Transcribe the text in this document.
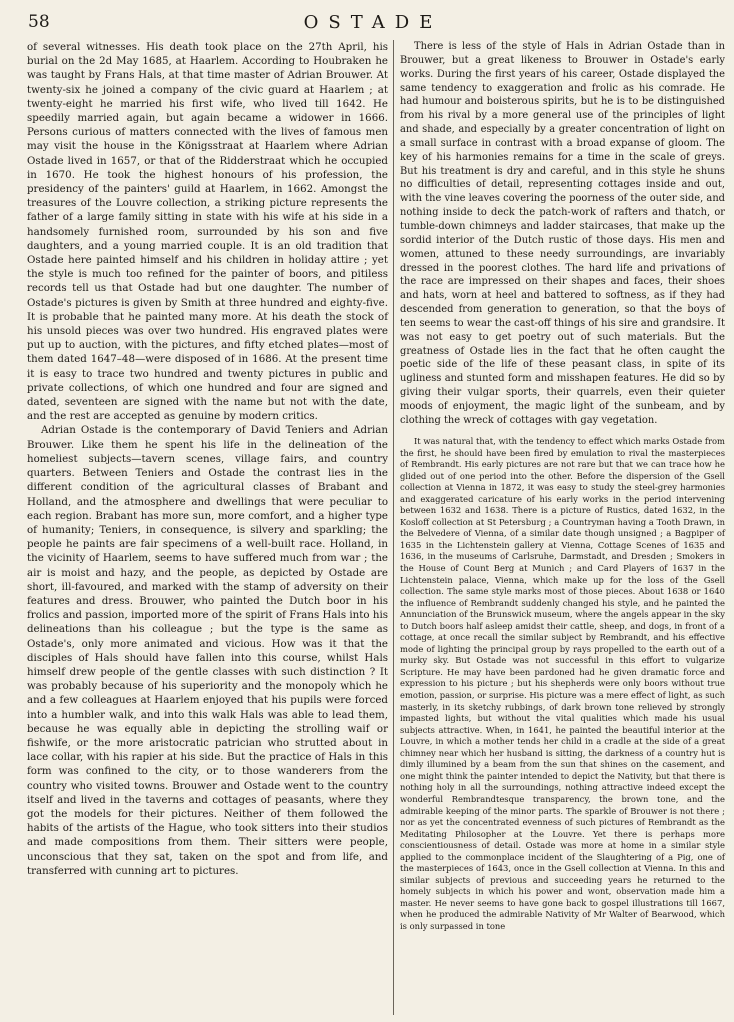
58	OSTADE

of several witnesses. His death took place on the 27th April, his burial on the 2d May 1685, at Haarlem. According to Houbraken he was taught by Frans Hals, at that time master of Adrian Brouwer. At twenty-six he joined a company of the civic guard at Haarlem ; at twenty-eight he married his first wife, who lived till 1642. He speedily married again, but again became a widower in 1666. Persons curious of matters connected with the lives of famous men may visit the house in the Königsstraat at Haarlem where Adrian Ostade lived in 1657, or that of the Ridderstraat which he occupied in 1670. He took the highest honours of his profession, the presidency of the painters' guild at Haarlem, in 1662. Amongst the treasures of the Louvre collection, a striking picture represents the father of a large family sitting in state with his wife at his side in a handsomely furnished room, surrounded by his son and five daughters, and a young married couple. It is an old tradition that Ostade here painted himself and his children in holiday attire ; yet the style is much too refined for the painter of boors, and pitiless records tell us that Ostade had but one daughter. The number of Ostade's pictures is given by Smith at three hundred and eighty-five. It is probable that he painted many more. At his death the stock of his unsold pieces was over two hundred. His engraved plates were put up to auction, with the pictures, and fifty etched plates—most of them dated 1647–48—were disposed of in 1686. At the present time it is easy to trace two hundred and twenty pictures in public and private collections, of which one hundred and four are signed and dated, seventeen are signed with the name but not with the date, and the rest are accepted as genuine by modern critics.

Adrian Ostade is the contemporary of David Teniers and Adrian Brouwer. Like them he spent his life in the delineation of the homeliest subjects—tavern scenes, village fairs, and country quarters. Between Teniers and Ostade the contrast lies in the different condition of the agricultural classes of Brabant and Holland, and the atmosphere and dwellings that were peculiar to each region. Brabant has more sun, more comfort, and a higher type of humanity; Teniers, in consequence, is silvery and sparkling; the people he paints are fair specimens of a well-built race. Holland, in the vicinity of Haarlem, seems to have suffered much from war ; the air is moist and hazy, and the people, as depicted by Ostade are short, ill-favoured, and marked with the stamp of adversity on their features and dress. Brouwer, who painted the Dutch boor in his frolics and passion, imported more of the spirit of Frans Hals into his delineations than his colleague ; but the type is the same as Ostade's, only more animated and vicious. How was it that the disciples of Hals should have fallen into this course, whilst Hals himself drew people of the gentle classes with such distinction ? It was probably because of his superiority and the monopoly which he and a few colleagues at Haarlem enjoyed that his pupils were forced into a humbler walk, and into this walk Hals was able to lead them, because he was equally able in depicting the strolling waif or fishwife, or the more aristocratic patrician who strutted about in lace collar, with his rapier at his side. But the practice of Hals in this form was confined to the city, or to those wanderers from the country who visited towns. Brouwer and Ostade went to the country itself and lived in the taverns and cottages of peasants, where they got the models for their pictures. Neither of them followed the habits of the artists of the Hague, who took sitters into their studios and made compositions from them. Their sitters were people, unconscious that they sat, taken on the spot and from life, and transferred with cunning art to pictures.

There is less of the style of Hals in Adrian Ostade than in Brouwer, but a great likeness to Brouwer in Ostade's early works. During the first years of his career, Ostade displayed the same tendency to exaggeration and frolic as his comrade. He had humour and boisterous spirits, but he is to be distinguished from his rival by a more general use of the principles of light and shade, and especially by a greater concentration of light on a small surface in contrast with a broad expanse of gloom. The key of his harmonies remains for a time in the scale of greys. But his treatment is dry and careful, and in this style he shuns no difficulties of detail, representing cottages inside and out, with the vine leaves covering the poorness of the outer side, and nothing inside to deck the patch-work of rafters and thatch, or tumble-down chimneys and ladder staircases, that make up the sordid interior of the Dutch rustic of those days. His men and women, attuned to these needy surroundings, are invariably dressed in the poorest clothes. The hard life and privations of the race are impressed on their shapes and faces, their shoes and hats, worn at heel and battered to softness, as if they had descended from generation to generation, so that the boys of ten seems to wear the cast-off things of his sire and grandsire. It was not easy to get poetry out of such materials. But the greatness of Ostade lies in the fact that he often caught the poetic side of the life of these peasant class, in spite of its ugliness and stunted form and misshapen features. He did so by giving their vulgar sports, their quarrels, even their quieter moods of enjoyment, the magic light of the sunbeam, and by clothing the wreck of cottages with gay vegetation.

It was natural that, with the tendency to effect which marks Ostade from the first, he should have been fired by emulation to rival the masterpieces of Rembrandt. His early pictures are not rare but that we can trace how he glided out of one period into the other. Before the dispersion of the Gsell collection at Vienna in 1872, it was easy to study the steel-grey harmonies and exaggerated caricature of his early works in the period intervening between 1632 and 1638. There is a picture of Rustics, dated 1632, in the Kosloff collection at St Petersburg ; a Countryman having a Tooth Drawn, in the Belvedere of Vienna, of a similar date though unsigned ; a Bagpiper of 1635 in the Lichtenstein gallery at Vienna, Cottage Scenes of 1635 and 1636, in the museums of Carlsruhe, Darmstadt, and Dresden ; Smokers in the House of Count Berg at Munich ; and Card Players of 1637 in the Lichtenstein palace, Vienna, which make up for the loss of the Gsell collection. The same style marks most of those pieces. About 1638 or 1640 the influence of Rembrandt suddenly changed his style, and he painted the Annunciation of the Brunswick museum, where the angels appear in the sky to Dutch boors half asleep amidst their cattle, sheep, and dogs, in front of a cottage, at once recall the similar subject by Rembrandt, and his effective mode of lighting the principal group by rays propelled to the earth out of a murky sky. But Ostade was not successful in this effort to vulgarize Scripture. He may have been pardoned had he given dramatic force and expression to his picture ; but his shepherds were only boors without true emotion, passion, or surprise. His picture was a mere effect of light, as such masterly, in its sketchy rubbings, of dark brown tone relieved by strongly impasted lights, but without the vital qualities which made his usual subjects attractive. When, in 1641, he painted the beautiful interior at the Louvre, in which a mother tends her child in a cradle at the side of a great chimney near which her husband is sitting, the darkness of a country hut is dimly illumined by a beam from the sun that shines on the casement, and one might think the painter intended to depict the Nativity, but that there is nothing holy in all the surroundings, nothing attractive indeed except the wonderful Rembrandtesque transparency, the brown tone, and the admirable keeping of the minor parts. The sparkle of Brouwer is not there ; nor as yet the concentrated evenness of such pictures of Rembrandt as the Meditating Philosopher at the Louvre. Yet there is perhaps more conscientiousness of detail. Ostade was more at home in a similar style applied to the commonplace incident of the Slaughtering of a Pig, one of the masterpieces of 1643, once in the Gsell collection at Vienna. In this and similar subjects of previous and succeeding years he returned to the homely subjects in which his power and wont, observation made him a master. He never seems to have gone back to gospel illustrations till 1667, when he produced the admirable Nativity of Mr Walter of Bearwood, which is only surpassed in tone
